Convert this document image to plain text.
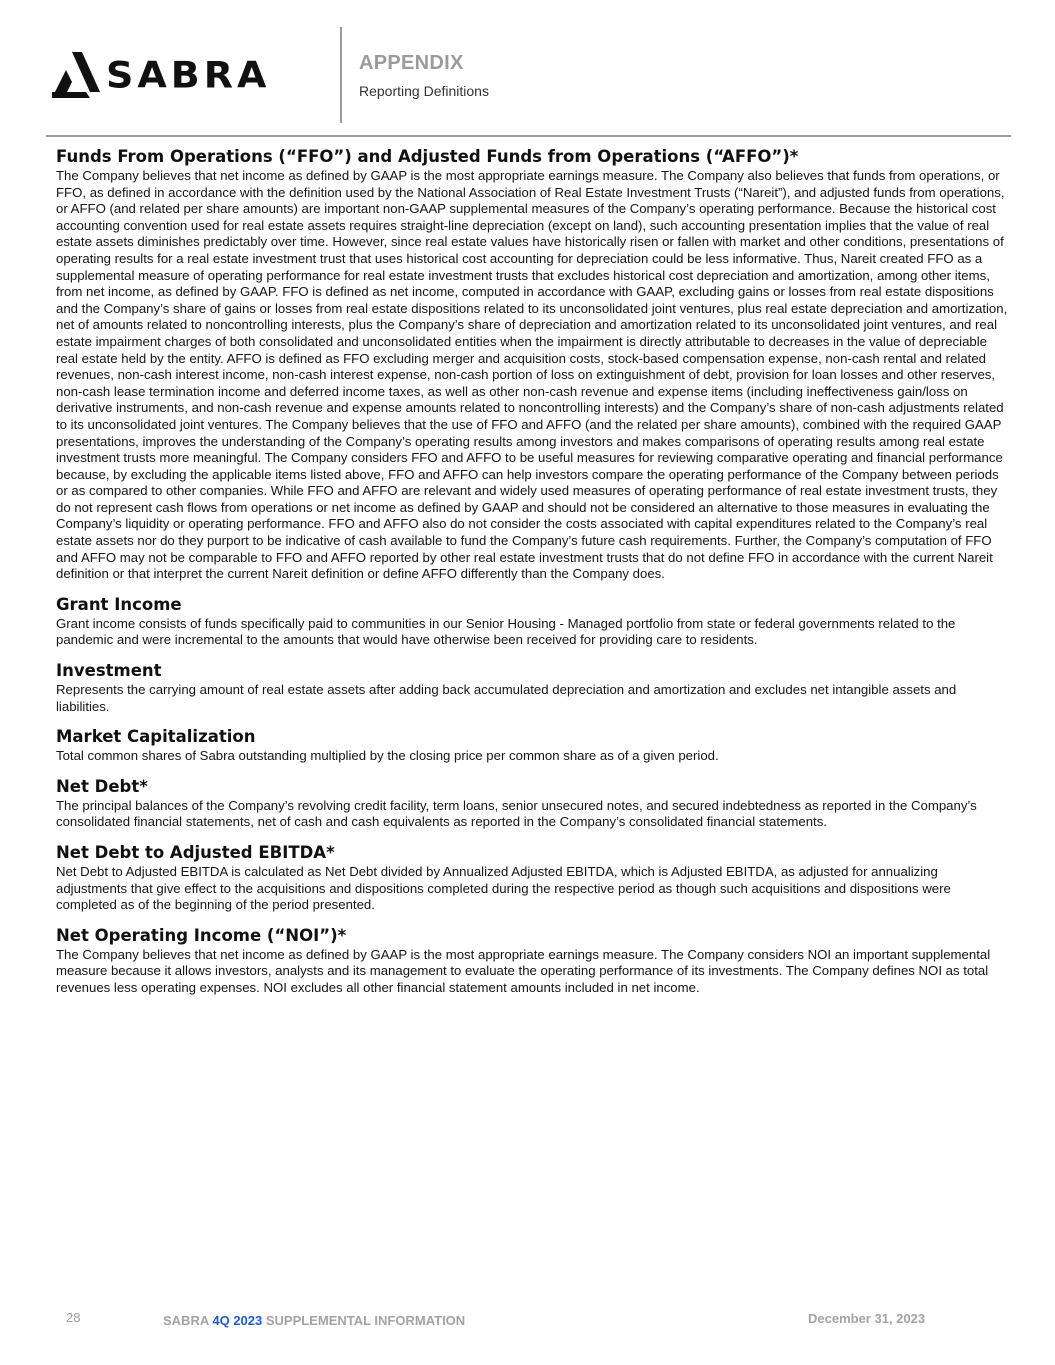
SABRA	APPENDIX
Reporting Definitions
Funds From Operations (“FFO”) and Adjusted Funds from Operations (“AFFO”)*

The Company believes that net income as defined by GAAP is the most appropriate earnings measure. The Company also believes that funds from operations, or FFO, as defined in accordance with the definition used by the National Association of Real Estate Investment Trusts (“Nareit”), and adjusted funds from operations, or AFFO (and related per share amounts) are important non-GAAP supplemental measures of the Company’s operating performance. Because the historical cost accounting convention used for real estate assets requires straight-line depreciation (except on land), such accounting presentation implies that the value of real estate assets diminishes predictably over time. However, since real estate values have historically risen or fallen with market and other conditions, presentations of operating results for a real estate investment trust that uses historical cost accounting for depreciation could be less informative. Thus, Nareit created FFO as a supplemental measure of operating performance for real estate investment trusts that excludes historical cost depreciation and amortization, among other items, from net income, as defined by GAAP. FFO is defined as net income, computed in accordance with GAAP, excluding gains or losses from real estate dispositions and the Company’s share of gains or losses from real estate dispositions related to its unconsolidated joint ventures, plus real estate depreciation and amortization, net of amounts related to noncontrolling interests, plus the Company’s share of depreciation and amortization related to its unconsolidated joint ventures, and real estate impairment charges of both consolidated and unconsolidated entities when the impairment is directly attributable to decreases in the value of depreciable real estate held by the entity. AFFO is defined as FFO excluding merger and acquisition costs, stock-based compensation expense, non-cash rental and related revenues, non-cash interest income, non-cash interest expense, non-cash portion of loss on extinguishment of debt, provision for loan losses and other reserves, non-cash lease termination income and deferred income taxes, as well as other non-cash revenue and expense items (including ineffectiveness gain/loss on derivative instruments, and non-cash revenue and expense amounts related to noncontrolling interests) and the Company’s share of non-cash adjustments related to its unconsolidated joint ventures. The Company believes that the use of FFO and AFFO (and the related per share amounts), combined with the required GAAP presentations, improves the understanding of the Company’s operating results among investors and makes comparisons of operating results among real estate investment trusts more meaningful. The Company considers FFO and AFFO to be useful measures for reviewing comparative operating and financial performance because, by excluding the applicable items listed above, FFO and AFFO can help investors compare the operating performance of the Company between periods or as compared to other companies. While FFO and AFFO are relevant and widely used measures of operating performance of real estate investment trusts, they do not represent cash flows from operations or net income as defined by GAAP and should not be considered an alternative to those measures in evaluating the Company’s liquidity or operating performance. FFO and AFFO also do not consider the costs associated with capital expenditures related to the Company’s real estate assets nor do they purport to be indicative of cash available to fund the Company’s future cash requirements. Further, the Company’s computation of FFO and AFFO may not be comparable to FFO and AFFO reported by other real estate investment trusts that do not define FFO in accordance with the current Nareit definition or that interpret the current Nareit definition or define AFFO differently than the Company does.

Grant Income

Grant income consists of funds specifically paid to communities in our Senior Housing - Managed portfolio from state or federal governments related to the pandemic and were incremental to the amounts that would have otherwise been received for providing care to residents.

Investment

Represents the carrying amount of real estate assets after adding back accumulated depreciation and amortization and excludes net intangible assets and liabilities.

Market Capitalization

Total common shares of Sabra outstanding multiplied by the closing price per common share as of a given period.

Net Debt*

The principal balances of the Company’s revolving credit facility, term loans, senior unsecured notes, and secured indebtedness as reported in the Company’s consolidated financial statements, net of cash and cash equivalents as reported in the Company’s consolidated financial statements.

Net Debt to Adjusted EBITDA*

Net Debt to Adjusted EBITDA is calculated as Net Debt divided by Annualized Adjusted EBITDA, which is Adjusted EBITDA, as adjusted for annualizing adjustments that give effect to the acquisitions and dispositions completed during the respective period as though such acquisitions and dispositions were completed as of the beginning of the period presented.

Net Operating Income (“NOI”)*

The Company believes that net income as defined by GAAP is the most appropriate earnings measure. The Company considers NOI an important supplemental measure because it allows investors, analysts and its management to evaluate the operating performance of its investments. The Company defines NOI as total revenues less operating expenses. NOI excludes all other financial statement amounts included in net income.

28	SABRA 4Q 2023 SUPPLEMENTAL INFORMATION	December 31, 2023
